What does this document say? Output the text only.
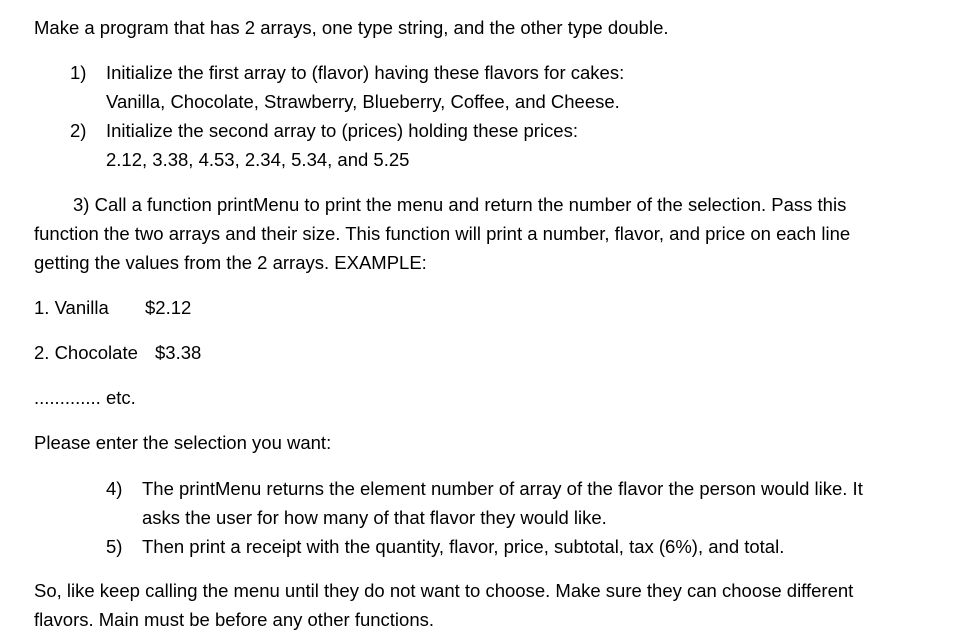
Make a program that has 2 arrays, one type string, and the other type double.
1) Initialize the first array to (flavor) having these flavors for cakes:
Vanilla, Chocolate, Strawberry, Blueberry, Coffee, and Cheese.
2) Initialize the second array to (prices) holding these prices:
2.12, 3.38, 4.53, 2.34, 5.34, and 5.25
3) Call a function printMenu to print the menu and return the number of the selection. Pass this
function the two arrays and their size. This function will print a number, flavor, and price on each line
getting the values from the 2 arrays. EXAMPLE:
1. Vanilla $2.12
2. Chocolate $3.38
............. etc.
Please enter the selection you want:
4) The printMenu returns the element number of array of the flavor the person would like. It
asks the user for how many of that flavor they would like.
5) Then print a receipt with the quantity, flavor, price, subtotal, tax (6%), and total.
So, like keep calling the menu until they do not want to choose. Make sure they can choose different
flavors. Main must be before any other functions.
